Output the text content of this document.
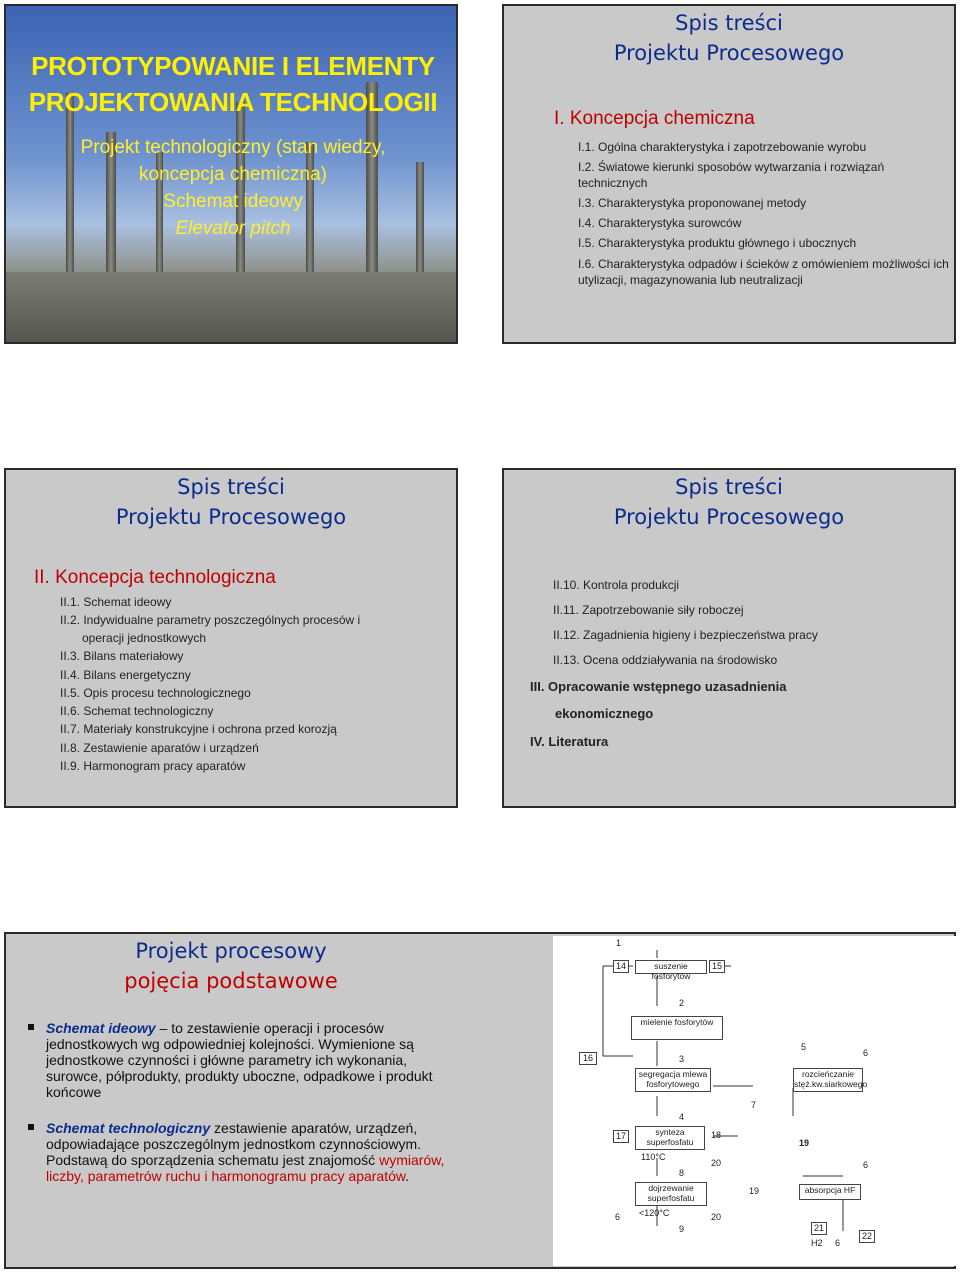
PROTOTYPOWANIE I ELEMENTY
PROJEKTOWANIA TECHNOLOGII
Projekt technologiczny (stan wiedzy,
koncepcja chemiczna)
Schemat ideowy
Elevator pitch
Spis treści
Projektu Procesowego
I. Koncepcja chemiczna
I.1. Ogólna charakterystyka i zapotrzebowanie wyrobu
I.2. Światowe kierunki sposobów wytwarzania i rozwiązań
technicznych
I.3. Charakterystyka proponowanej metody
I.4. Charakterystyka surowców
I.5. Charakterystyka produktu głównego i ubocznych
I.6. Charakterystyka odpadów i ścieków z omówieniem możliwości ich
utylizacji, magazynowania lub neutralizacji
Spis treści
Projektu Procesowego
II. Koncepcja technologiczna
II.1. Schemat ideowy
II.2. Indywidualne parametry poszczególnych procesów i
operacji jednostkowych
II.3. Bilans materiałowy
II.4. Bilans energetyczny
II.5. Opis procesu technologicznego
II.6. Schemat technologiczny
II.7. Materiały konstrukcyjne i ochrona przed korozją
II.8. Zestawienie aparatów i urządzeń
II.9. Harmonogram pracy aparatów
Spis treści
Projektu Procesowego
II.10. Kontrola produkcji
II.11. Zapotrzebowanie siły roboczej
II.12. Zagadnienia higieny i bezpieczeństwa pracy
II.13. Ocena oddziaływania na środowisko
III. Opracowanie wstępnego uzasadnienia
ekonomicznego
IV. Literatura
Projekt procesowy
pojęcia podstawowe
Schemat ideowy – to zestawienie operacji i procesów jednostkowych wg odpowiedniej kolejności. Wymienione są jednostkowe czynności i główne parametry ich wykonania, surowce, półprodukty, produkty uboczne, odpadkowe i produkt końcowe
Schemat technologiczny zestawienie aparatów, urządzeń, odpowiadające poszczególnym jednostkom czynnościowym. Podstawą do sporządzenia schematu jest znajomość wymiarów, liczby, parametrów ruchu i harmonogramu pracy aparatów.
1
14	suszenie fosforytów
15
2
mielenie fosforytów
16	3
segregacja mlewa fosforytowego
5
6
rozcieńczanie stęż.kw.siarkowego
7
4
17	synteza superfosfatu
18
19
110°C
20	6
8
dojrzewanie superfosfatu
19	absorpcja HF
6 <120°C	20
9	21
H2 6
22
